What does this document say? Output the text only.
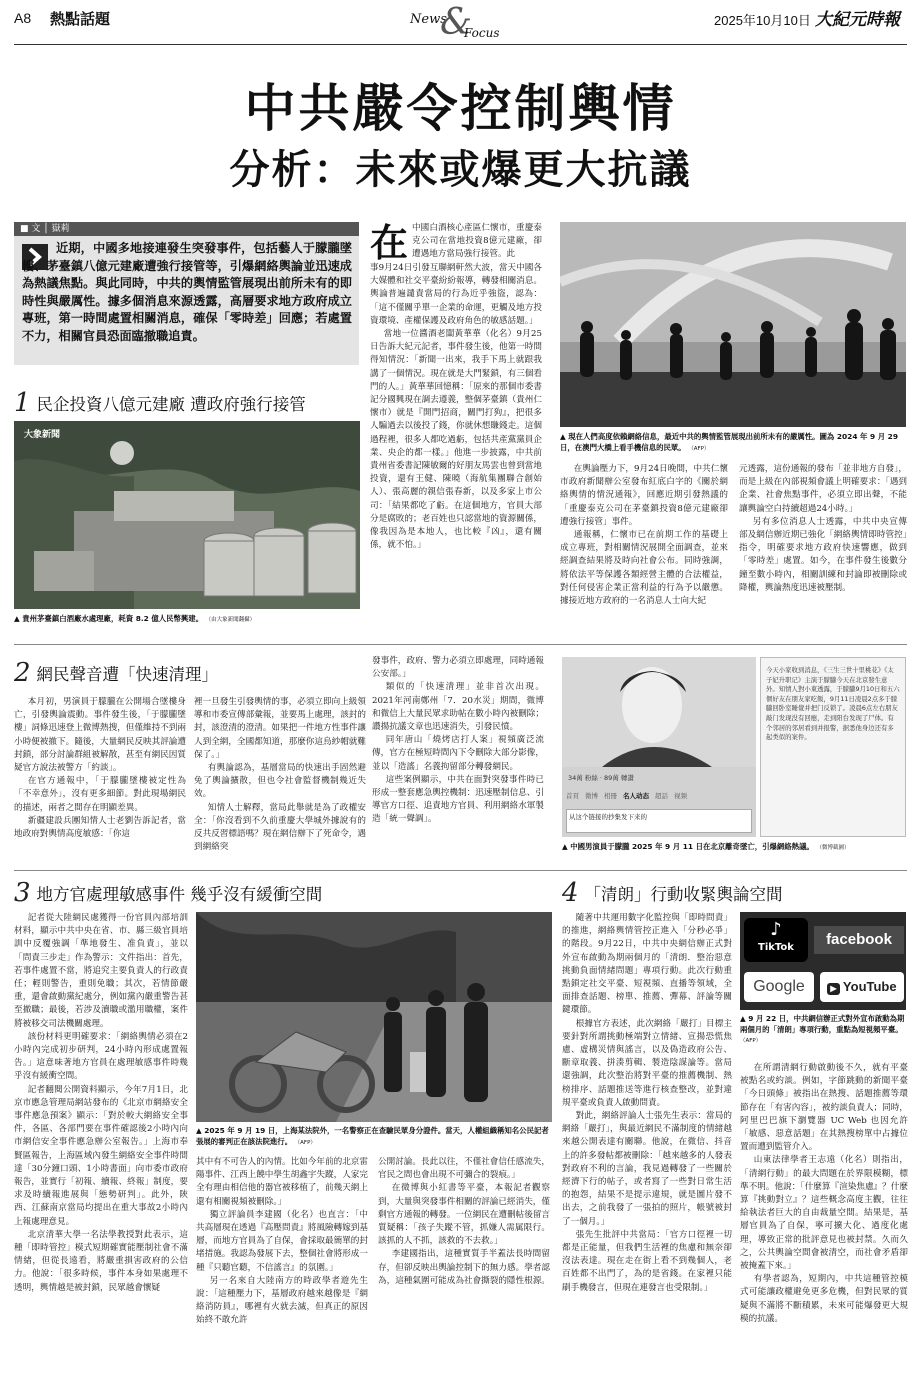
A8 熱點話題	News
&
Focus
2025年10月10日 大紀元時報
中共嚴令控制輿情
分析：未來或爆更大抗議
■ 文 │ 嶽莉
近期，中國多地接連發生突發事件，包括藝人于朦朧墜樓、茅臺鎮八億元建廠遭強行接管等，引爆網絡輿論並迅速成為熱議焦點。與此同時，中共的輿情監管展現出前所未有的即時性與嚴厲性。據多個消息來源透露，高層要求地方政府成立專班，第一時間處置相關消息，確保「零時差」回應；若處置不力，相關官員恐面臨撤職追責。
1 民企投資八億元建廠 遭政府強行接管
大象新聞
▲ 貴州茅臺鎮白酒廠水處理廠，耗資 8.2 億人民幣興建。 （由大象新聞翻攝）
在 中國白酒核心產區仁懷市，重慶泰克公司在當地投資8億元建廠，卻遭遇地方當局強行接管。此

事9月24日引發互聯網軒然大波，當天中國各大媒體和社交平臺紛紛報導，轉發相關消息。輿論普遍譴責當局的行為近乎強盜，認為：「這不僅關乎單一企業的命運，更觸及地方投資環境、產權保護及政府角色的敏感話題。」

當地一位醬酒老闆黃華華（化名）9月25日告訴大紀元記者，事件發生後，他第一時間得知情況：「新聞一出來，我手下馬上就跟我講了一個情況。現在就是大門緊鎖，有三個看門的人。」黃華華回憶稱：「原來的那個市委書記分國興現在調去遵義，整個茅臺鎮（貴州仁懷市）就是『開門招商，關門打狗』，把很多人騙過去以後投了錢，你就休想賺錢走。這個過程裡，很多人都吃過虧，包括共產黨黨員企業、央企的都一樣。」他進一步披露，中共前貴州省委書記陳敏爾的好朋友馬雲也曾到當地投資，還有王健、陳曉（海航集團聯合創始人）、張高麗的親信張春新，以及多家上市公司：「結果都吃了虧。在這個地方，官員大部分是腐敗的；老百姓也只認當地的資源關係，像我因為是本地人，也比較『凶』，還有關係，就不怕。」

▲ 現在人們高度依賴網絡信息，最近中共的輿情監管展現出前所未有的嚴厲性。圖為 2024 年 9 月 29 日，在澳門大橋上看手機信息的民眾。 （AFP）

在輿論壓力下，9月24日晚間，中共仁懷市政府新聞辦公室發布紅底白字的《關於網絡輿情的情況通報》，回應近期引發熱議的「重慶泰克公司在茅臺鎮投資8億元建廠卻遭強行接管」事件。

通報稱，仁懷市已在前期工作的基礎上成立專班，對相關情況展開全面調查，並來經調查結果將及時向社會公布。同時強調，將依法平等保護各類經營主體的合法權益，對任何侵害企業正當利益的行為予以嚴懲。據接近地方政府的一名消息人士向大紀

元透露，這份通報的發布「並非地方自發」，而是上級在內部視頻會議上明確要求：「遇到企業、社會焦點事件，必須立即出聲，不能讓輿論空白持續超過24小時。」

另有多位消息人士透露，中共中央宣傳部及網信辦近期已強化「網絡輿情即時管控」指令，明確要求地方政府快速響應，做到「零時差」處置。如今，在事件發生後數分鐘至數小時內，相關訓練和封論即被刪除或降權，輿論熱度迅速被壓制。

2 網民聲音遭「快速清理」

本月初，男演員于朦朧在公開場合墜樓身亡，引發輿論震動。事件發生後，「于朦朧墜樓」詞條迅速登上微博熱搜，但僅維持不到兩小時便被撤下。隨後，大量網民反映其評論遭封鎖，部分討論群組被解散，甚至有網民因質疑官方說法被警方「約談」。

在官方通報中，「于朦朧墜樓被定性為「不幸意外」，沒有更多細節。對此現場網民的描述，兩者之間存在明顯差異。

新疆建設兵團知情人士老劉告訴記者，當地政府對輿情高度敏感：「你這

裡一旦發生引發輿情的事，必須立即向上級領導和市委宣傳部彙報，並要馬上處理，該封的封，該澄清的澄清。如果把一件地方性事件讓人到全網，全國都知道，那麼你這烏紗帽就難保了。」

有輿論認為，基層當局的快速出手固然避免了輿論擴散，但也令社會監督機制幾近失效。

知情人士解釋，當局此舉就是為了政權安全：「你沒看到不久前重慶大學城外據說有的反共反習標語嗎？現在網信辦下了死命令，遇到網絡突

發事件，政府、警力必須立即處理，同時通報公安部。」

類似的「快速清理」並非首次出現。2021年河南鄭州「7．20水災」期間，微博和微信上大量民眾求助帖在數小時內被刪除；讚揚抗議文章也迅速消失，引發民憤。

同年唐山「燒烤店打人案」視頻廣泛流傳，官方在極短時間內下令刪除大部分影像，並以「造謠」名義拘留部分轉發網民。

這些案例顯示，中共在面對突發事件時已形成一整套應急輿控機制：迅速壓制信息、引導官方口徑、追責地方官員、利用網絡水軍製造「統一聲調」。

34萬 粉絲 · 89萬 轉讚
首頁 微博 相冊 名人动态 超話 视频
从这个链接的抄集发下来的
今天小家收到消息，《三生三世十里桃花》《太子妃升职记》主演于朦朧今天在北京發生意外。知情人對小東透露，于朦朧9月10日和五六個好友在朋友家吃飯，9月11日凌晨2点多于朦朧回卧室睡覺并把门反锁了。凌晨6点左右朋友敲门发现没有回應，走到阳台发现了尸体。有个邻居的邻居看到并报警，据悉他身边还有多起类似的案件。
▲ 中國男演員于朦朧 2025 年 9 月 11 日在北京離奇墜亡，引爆網絡熱議。 （微博截圖）
3 地方官處理敏感事件 幾乎沒有緩衝空間

記者從大陸網民處獲得一份官員內部培訓材料，顯示中共中央在省、市、縣三級官員培訓中反覆強調「準地發生、准負責」，並以「問責三步走」作為警示：文件指出：首先，若事件處置不當，將追究主要負責人的行政責任；輕則警告，重則免職；其次，若情節嚴重，還會啟動黨紀處分，例如黨內嚴重警告甚至撤職；最後，若涉及瀆職或濫用職權，案件將被移交司法機關處理。

該份材料更明確要求：「網絡輿情必須在2小時內完成初步研判，24小時內形成處置報告。」這意味著地方官員在處理敏感事件時幾乎沒有緩衝空間。

記者翻閱公開資料顯示，今年7月1日，北京市應急管理局網站發布的《北京市網絡安全事件應急預案》顯示：「對於較大網絡安全事件，各區、各部門要在事件確認後2小時內向市網信安全事件應急辦公室報告。」上海市奉賢區報告，上海區域內發生網絡安全事件時間達「30分鐘口頭、1小時書面」向市委市政府報告，並實行「初報、續報、終報」制度，要求及時續報進展與「態勢研判」。此外，陝西、江蘇南京當局均提出在重大事故2小時內上報處理意見。

北京清華大學一名法學教授對此表示，這種「即時管控」模式短期確實能壓制社會不滿情緒，但從長遠看，將嚴重損害政府的公信力。他說：「很多時候，事件本身如果處理不透明，輿情越是被封鎖，民眾越會懷疑

▲ 2025 年 9 月 19 日，上海某法院外，一名警察正在查驗民眾身分證件。當天，人權組織稱知名公民記者張展的審判正在該法院進行。 （AFP）

其中有不可告人的內情。比如今年前的北京雷陽事件、江西上饒中學生胡鑫宇失蹤，人家完全有理由相信他的器官被移植了，前幾天網上還有相關視頻被刪除。」

獨立評論員李建國（化名）也直言：「中共高層現在透過『高壓問責』將風險轉嫁到基層，而地方官員為了自保，會採取最簡單的封堵措施。我認為發展下去，整個社會將形成一種『只聽官聽，不信謠言』的氛圍。」

另一名來自大陸南方的時政學者遊先生說：「這種壓力下，基層政府越來越像是『網絡消防員』，哪裡有火就去滅，但真正的原因始終不敢允許

公開討論。長此以往，不僅社會信任感流失，官民之間也會出現不可彌合的裂痕。」

在微博與小紅書等平臺，本報記者觀察到，大量與突發事件相關的評論已經消失，僅剩官方通報的轉發。一位網民在遭刪帖後留言質疑稱：「孩子失蹤不管，抓嫌人需属限行。該抓的人不抓，該救的不去救。」

李建國指出，這種實質手半蓋法長時間留存，但卻反映出輿論控制下的無力感。學者認為，這種氣圍可能成為社會撕裂的隱性根源。

4 「清朗」行動收緊輿論空間

隨著中共運用數字化監控與「即時問責」的推進，網絡輿情管控正進入「分秒必爭」的階段。9月22日，中共中央網信辦正式對外宣布啟動為期兩個月的「清朗．整治惡意挑動負面情緒問題」專項行動。此次行動重點鎖定社交平臺、短視頻、直播等領域，全面排查話題、榜單、推薦、彈幕、評論等關鍵環節。

根據官方表述，此次網絡「嚴打」目標主要針對所謂挑動極端對立情緒、宣揚恐慌焦慮、虛構災情與謠言，以及偽造政府公告、斷章取義、拼湊剪輯、製造陰謀論等。當局還強調，此次整治將對平臺的推薦機制、熱榜排序、話題推送等進行核查整改，並對違規平臺或負責人啟動問責。

對此，網絡評論人士張先生表示：當局的網絡「嚴打」，與最近網民不滿制度的情緒越來越公開表達有關聯。他說，在微信、抖音上的許多發帖都被刪除：「越來越多的人發表對政府不利的言論，我見過轉發了一些關於經濟下行的帖子，或者寫了一些對日常生活的抱怨，結果不是提示違規，就是圖片發不出去，之前我發了一張拍的照片，帳號被封了一個月。」

張先生批評中共當局：「官方口徑裡一切都是正能量，但我們生活裡的焦慮和無奈卻沒法表達。現在走在街上看不到幾個人，老百姓都不出門了，為的是省錢。在家裡只能刷手機發言，但現在連發言也受限制。」

♪
TikTok	facebook
Google	▶ YouTube
▲ 9 月 22 日，中共網信辦正式對外宣布啟動為期兩個月的「清朗」專項行動，重點為短視頻平臺。 （AFP）

在所謂清網行動啟動後不久，就有平臺被點名或約談。例如，字節跳動的新聞平臺「今日頭條」被指出在熱搜、話題推薦等環節存在「有害內容」，被約談負責人；同時，阿里巴巴旗下瀏覽器 UC Web 也因允許「敏感、惡意話題」在其熱搜榜單中占據位置而遭到監管介入。

山東法律學者王志遠（化名）則指出，「清網行動」的最大問題在於界限模糊，標準不明。他說：「什麼算『渲染焦慮』？什麼算『挑動對立』？這些概念高度主觀，往往給執法者巨大的自由裁量空間。結果是，基層官員為了自保，寧可擴大化、過度化處理，導致正常的批評意見也被封禁。久而久之，公共輿論空間會被清空，而社會矛盾卻被掩蓋下來。」

有學者認為，短期內，中共這種管控模式可能讓政權避免更多危機，但對民眾的質疑與不滿將不斷積累，未來可能爆發更大規模的抗議。
